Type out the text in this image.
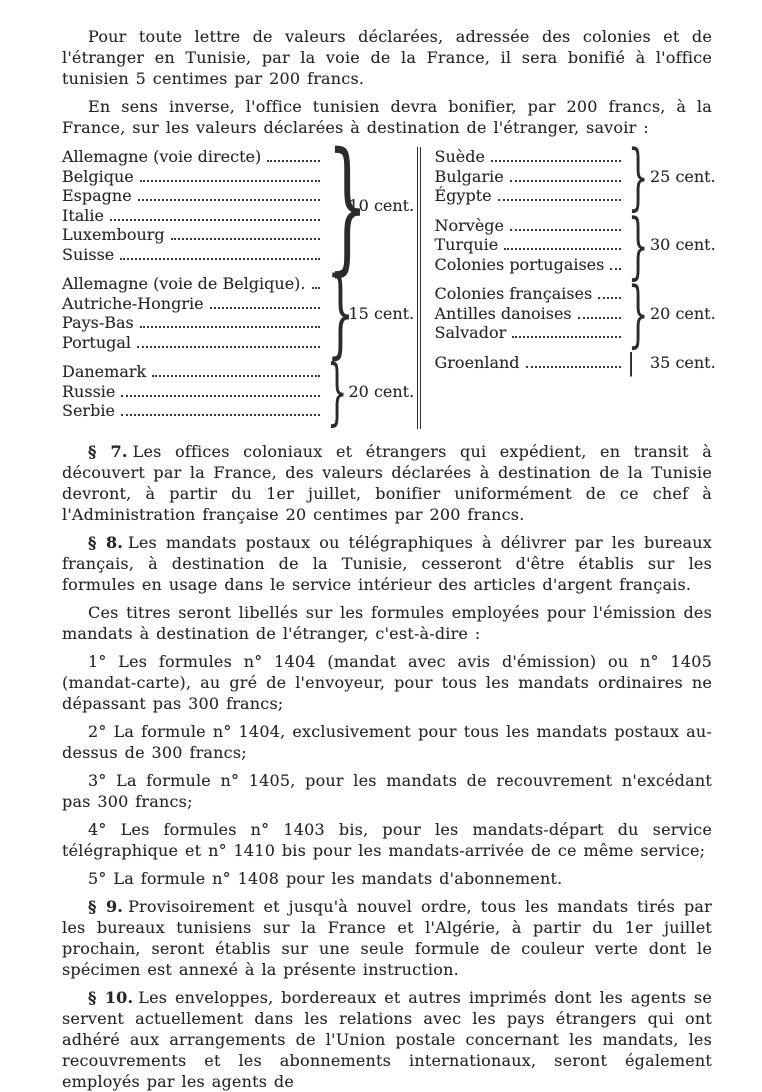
Pour toute lettre de valeurs déclarées, adressée des colonies et de l'étranger en Tunisie, par la voie de la France, il sera bonifié à l'office tunisien 5 centimes par 200 francs.

En sens inverse, l'office tunisien devra bonifier, par 200 francs, à la France, sur les valeurs déclarées à destination de l'étranger, savoir :

Allemagne (voie directe)
Belgique
Espagne
Italie
Luxembourg
Suisse }
10 cent.
Allemagne (voie de Belgique).
Autriche-Hongrie
Pays-Bas
Portugal }
15 cent.
Danemark
Russie
Serbie	} 20 cent.
Suède
Bulgarie
Égypte } 25 cent.
Norvège
Turquie
Colonies portugaises } 30 cent.
Colonies françaises
Antilles danoises
Salvador } 20 cent.
Groenland	| 35 cent.

§ 7. Les offices coloniaux et étrangers qui expédient, en transit à découvert par la France, des valeurs déclarées à destination de la Tunisie devront, à partir du 1er juillet, bonifier uniformément de ce chef à l'Administration française 20 centimes par 200 francs.

§ 8. Les mandats postaux ou télégraphiques à délivrer par les bureaux français, à destination de la Tunisie, cesseront d'être établis sur les formules en usage dans le service intérieur des articles d'argent français.

Ces titres seront libellés sur les formules employées pour l'émission des mandats à destination de l'étranger, c'est-à-dire :

1° Les formules n° 1404 (mandat avec avis d'émission) ou n° 1405 (mandat-carte), au gré de l'envoyeur, pour tous les mandats ordinaires ne dépassant pas 300 francs;

2° La formule n° 1404, exclusivement pour tous les mandats postaux au-dessus de 300 francs;

3° La formule n° 1405, pour les mandats de recouvrement n'excédant pas 300 francs;

4° Les formules n° 1403 bis, pour les mandats-départ du service télégraphique et n° 1410 bis pour les mandats-arrivée de ce même service;

5° La formule n° 1408 pour les mandats d'abonnement.

§ 9. Provisoirement et jusqu'à nouvel ordre, tous les mandats tirés par les bureaux tunisiens sur la France et l'Algérie, à partir du 1er juillet prochain, seront établis sur une seule formule de couleur verte dont le spécimen est annexé à la présente instruction.

§ 10. Les enveloppes, bordereaux et autres imprimés dont les agents se servent actuellement dans les relations avec les pays étrangers qui ont adhéré aux arrangements de l'Union postale concernant les mandats, les recouvrements et les abonnements internationaux, seront également employés par les agents de
